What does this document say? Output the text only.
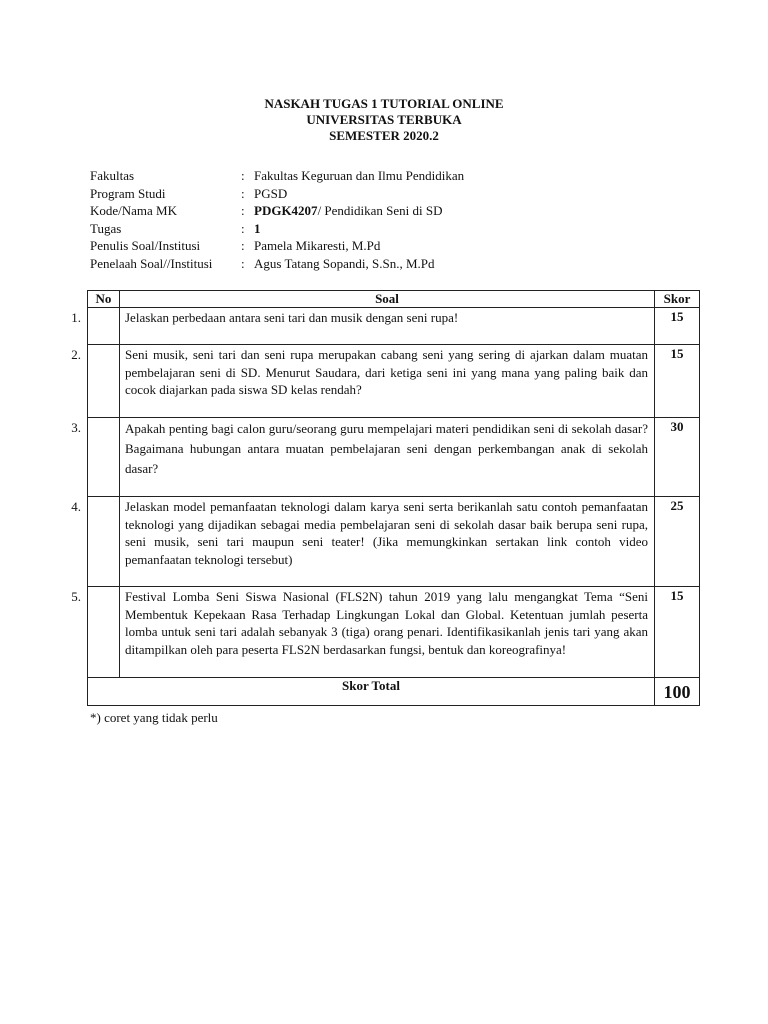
NASKAH TUGAS 1 TUTORIAL ONLINE
UNIVERSITAS TERBUKA
SEMESTER 2020.2
Fakultas	: Fakultas Keguruan dan Ilmu Pendidikan
Program Studi	: PGSD
Kode/Nama MK	: PDGK4207/ Pendidikan Seni di SD
Tugas	: 1
Penulis Soal/Institusi	: Pamela Mikaresti, M.Pd
Penelaah Soal//Institusi	: Agus Tatang Sopandi, S.Sn., M.Pd
No	Soal	Skor

1.	Jelaskan perbedaan antara seni tari dan musik dengan seni rupa!	15

2.	Seni musik, seni tari dan seni rupa merupakan cabang seni yang sering di ajarkan dalam muatan pembelajaran seni di SD. Menurut Saudara, dari ketiga seni ini yang mana yang paling baik dan cocok diajarkan pada siswa SD kelas rendah?	15

3.	Apakah penting bagi calon guru/seorang guru mempelajari materi pendidikan seni di sekolah dasar? Bagaimana hubungan antara muatan pembelajaran seni dengan perkembangan anak di sekolah dasar?	30

4.	Jelaskan model pemanfaatan teknologi dalam karya seni serta berikanlah satu contoh pemanfaatan teknologi yang dijadikan sebagai media pembelajaran seni di sekolah dasar baik berupa seni rupa, seni musik, seni tari maupun seni teater! (Jika memungkinkan sertakan link contoh video pemanfaatan teknologi tersebut)	25

5.	Festival Lomba Seni Siswa Nasional (FLS2N) tahun 2019 yang lalu mengangkat Tema “Seni Membentuk Kepekaan Rasa Terhadap Lingkungan Lokal dan Global. Ketentuan jumlah peserta lomba untuk seni tari adalah sebanyak 3 (tiga) orang penari. Identifikasikanlah jenis tari yang akan ditampilkan oleh para peserta FLS2N berdasarkan fungsi, bentuk dan koreografinya!	15
Skor Total		100
*) coret yang tidak perlu
